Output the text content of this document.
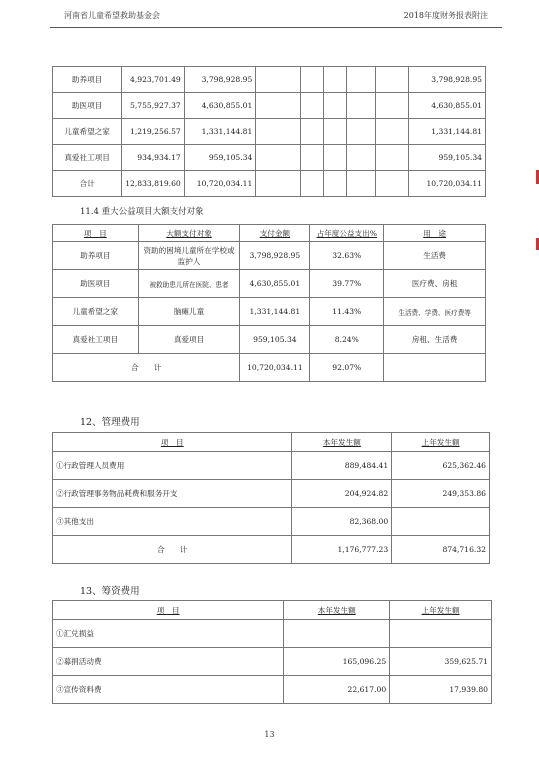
河南省儿童希望救助基金会	2018年度财务报表附注
助养项目	4,923,701.49	3,798,928.95						3,798,928.95
助医项目	5,755,927.37	4,630,855.01						4,630,855.01
儿童希望之家	1,219,256.57	1,331,144.81						1,331,144.81
真爱社工项目	934,934.17	959,105.34						959,105.34
合计	12,833,819.60	10,720,034.11						10,720,034.11
11.4 重大公益项目大额支付对象
项　目	大额支付对象	支付金额	占年度公益支出%	用　途
助养项目	资助的困境儿童所在学校或监护人	3,798,928.95	32.63%	生活费
助医项目	被救助患儿所在医院、患者	4,630,855.01	39.77%	医疗费、房租
儿童希望之家	脑瘫儿童	1,331,144.81	11.43%	生活费、学费、医疗费等
真爱社工项目	真爱项目	959,105.34	8.24%	房租、生活费
合　　计		10,720,034.11	92.07%	
12、管理费用
项　目	本年发生额	上年发生额
①行政管理人员费用	889,484.41	625,362.46
②行政管理事务物品耗费和服务开支	204,924.82	249,353.86
③其他支出	82,368.00	
合　　计	1,176,777.23	874,716.32
13、筹资费用
项　目	本年发生额	上年发生额
①汇兑损益		
②募捐活动费	165,096.25	359,625.71
③宣传资料费	22,617.00	17,939.80
13
